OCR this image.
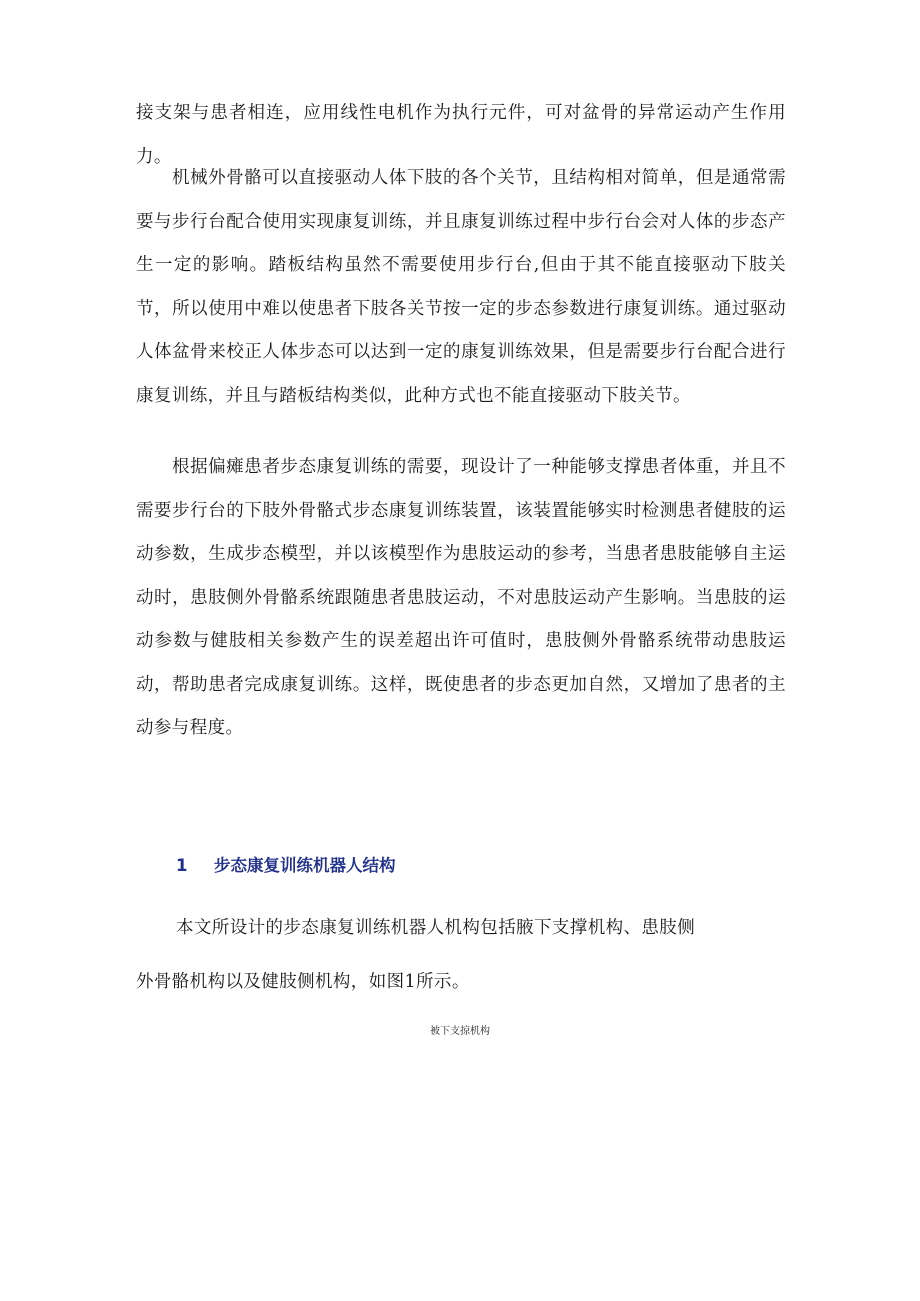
接支架与患者相连，应用线性电机作为执行元件，可对盆骨的异常运动产生作用力。

机械外骨骼可以直接驱动人体下肢的各个关节，且结构相对简单，但是通常需要与步行台配合使用实现康复训练，并且康复训练过程中步行台会对人体的步态产生一定的影响。踏板结构虽然不需要使用步行台,但由于其不能直接驱动下肢关节，所以使用中难以使患者下肢各关节按一定的步态参数进行康复训练。通过驱动人体盆骨来校正人体步态可以达到一定的康复训练效果，但是需要步行台配合进行康复训练，并且与踏板结构类似，此种方式也不能直接驱动下肢关节。

根据偏瘫患者步态康复训练的需要，现设计了一种能够支撑患者体重，并且不需要步行台的下肢外骨骼式步态康复训练装置，该装置能够实时检测患者健肢的运动参数，生成步态模型，并以该模型作为患肢运动的参考，当患者患肢能够自主运动时，患肢侧外骨骼系统跟随患者患肢运动，不对患肢运动产生影响。当患肢的运动参数与健肢相关参数产生的误差超出许可值时，患肢侧外骨骼系统带动患肢运动，帮助患者完成康复训练。这样，既使患者的步态更加自然，又增加了患者的主动参与程度。

1 步态康复训练机器人结构

本文所设计的步态康复训练机器人机构包括腋下支撑机构、患肢侧

外骨骼机构以及健肢侧机构，如图1所示。

被下支掠机构
